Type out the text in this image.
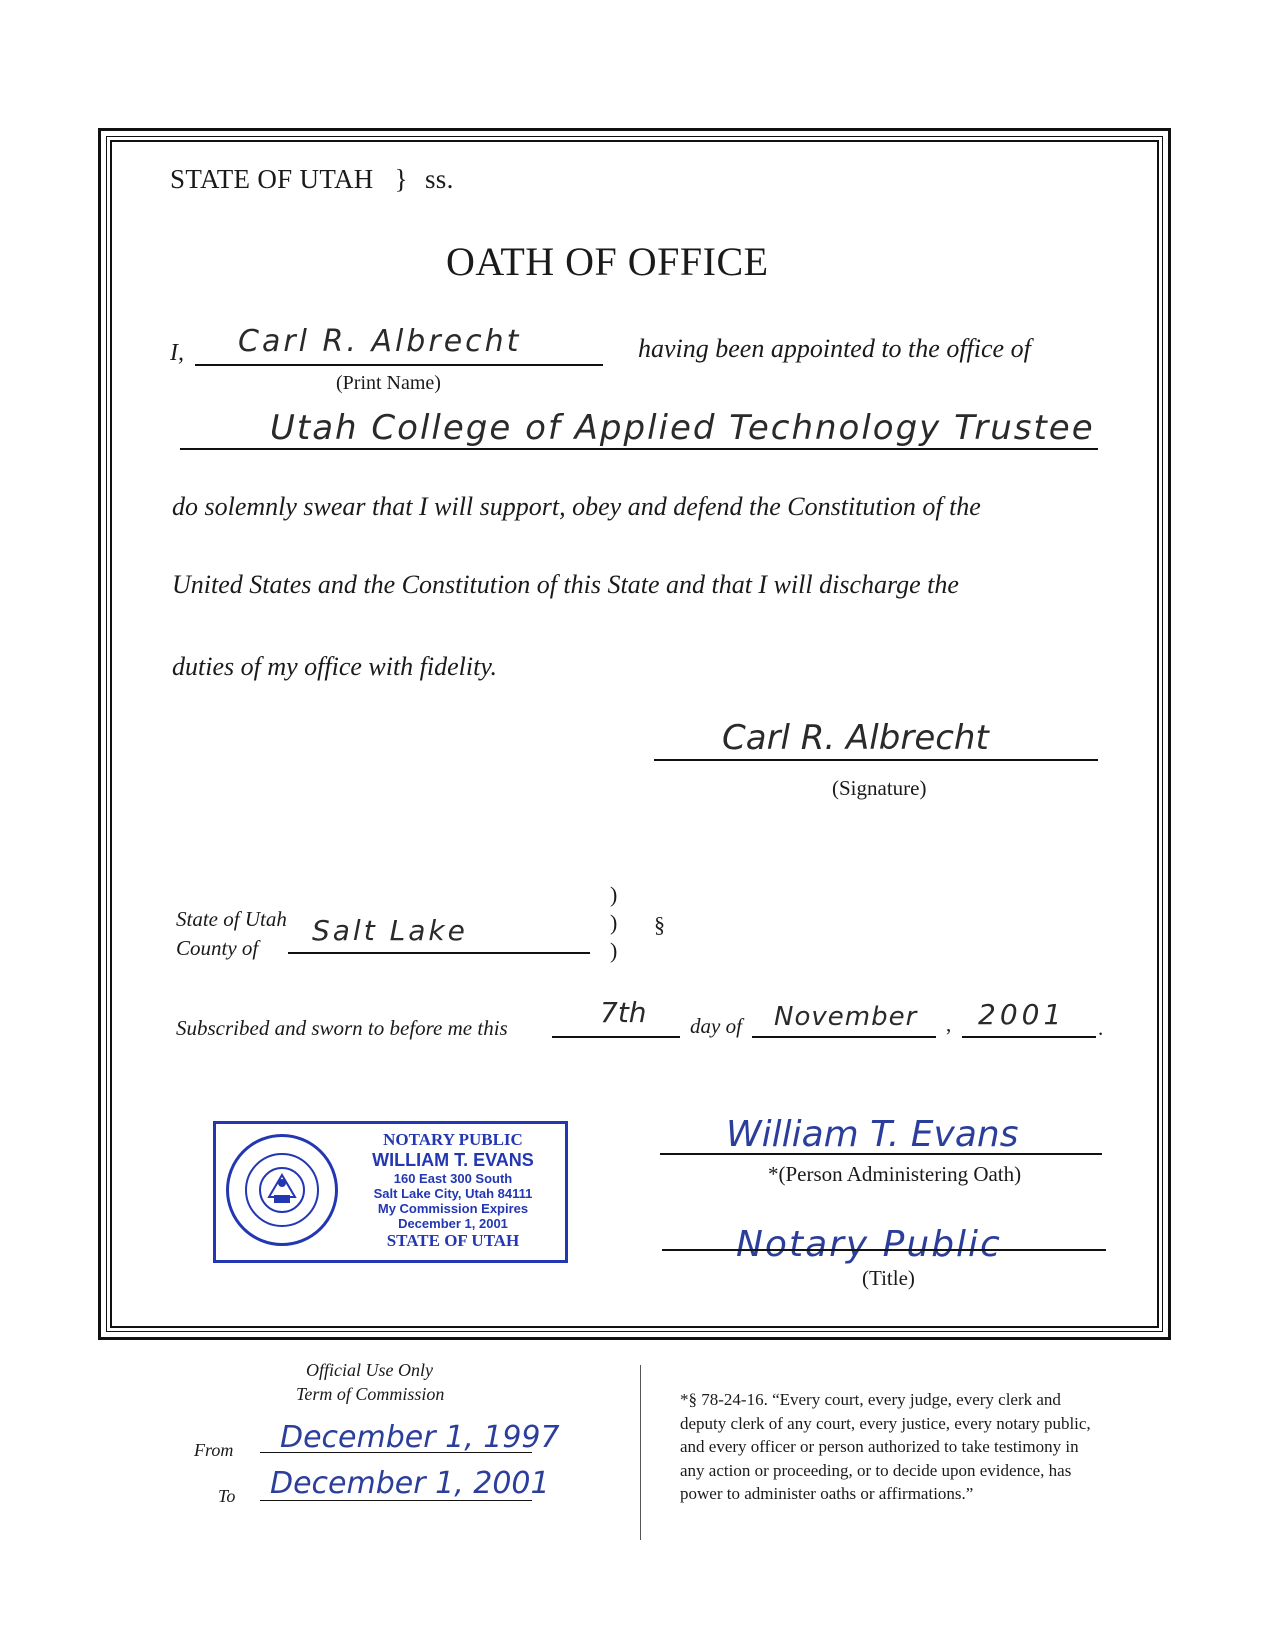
STATE OF UTAH } ss.
OATH OF OFFICE
I, Carl R. Albrecht
(Print Name)
having been appointed to the office of
Utah College of Applied Technology Trustee
do solemnly swear that I will support, obey and defend the Constitution of the
United States and the Constitution of this State and that I will discharge the
duties of my office with fidelity.
Carl R. Albrecht
(Signature)
State of Utah
County of
Salt Lake
)
)
)
§
Subscribed and sworn to before me this	7th day of November , 2001 .
NOTARY PUBLIC
WILLIAM T. EVANS
160 East 300 South
Salt Lake City, Utah 84111
My Commission Expires
December 1, 2001
STATE OF UTAH
William T. Evans
*(Person Administering Oath)
Notary Public
(Title)
Official Use Only
Term of Commission
From December 1, 1997
To December 1, 2001
*§ 78-24-16. “Every court, every judge, every clerk and
deputy clerk of any court, every justice, every notary public,
and every officer or person authorized to take testimony in
any action or proceeding, or to decide upon evidence, has
power to administer oaths or affirmations.”
